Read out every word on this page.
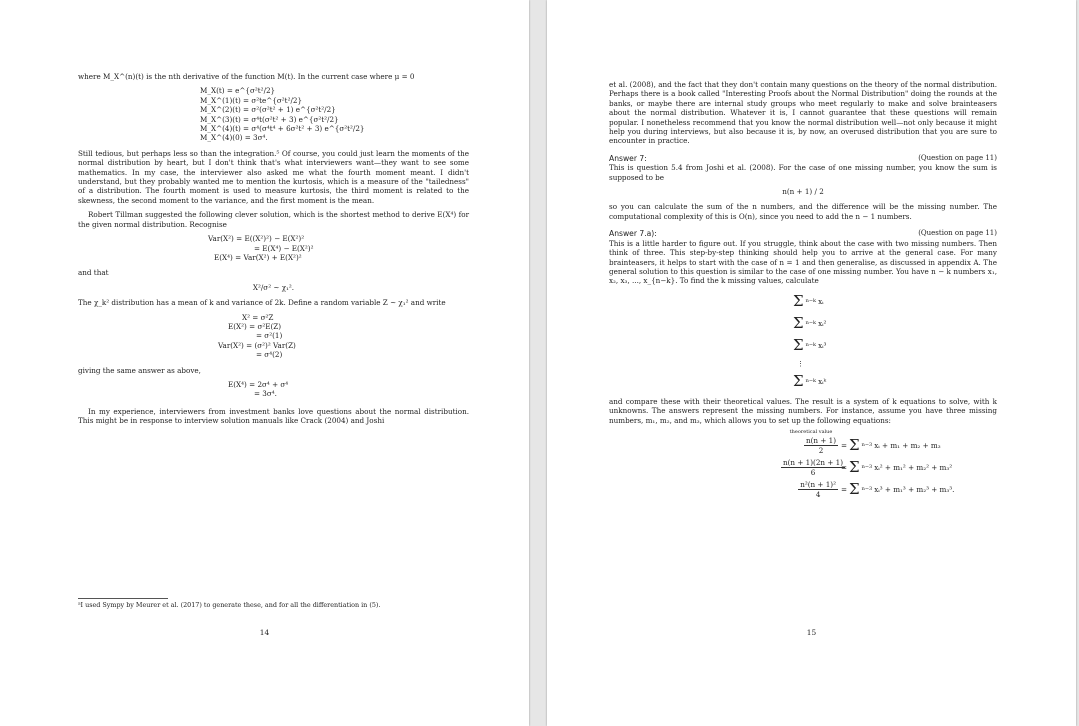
where M_X^(n)(t) is the nth derivative of the function M(t). In the current case where μ = 0

M_X(t) = e^{σ²t²/2}
M_X^(1)(t) = σ²te^{σ²t²/2}
M_X^(2)(t) = σ²(σ²t² + 1) e^{σ²t²/2}
M_X^(3)(t) = σ⁴t(σ²t² + 3) e^{σ²t²/2}
M_X^(4)(t) = σ⁴(σ⁴t⁴ + 6σ²t² + 3) e^{σ²t²/2}
M_X^(4)(0) = 3σ⁴.

Still tedious, but perhaps less so than the integration.⁵ Of course, you could just learn the moments of the normal distribution by heart, but I don't think that's what interviewers want—they want to see some mathematics. In my case, the interviewer also asked me what the fourth moment meant. I didn't understand, but they probably wanted me to mention the kurtosis, which is a measure of the "tailedness" of a distribution. The fourth moment is used to measure kurtosis, the third moment is related to the skewness, the second moment to the variance, and the first moment is the mean.

Robert Tillman suggested the following clever solution, which is the shortest method to derive E(X⁴) for the given normal distribution. Recognise

Var(X²) = E((X²)²) − E(X²)²
= E(X⁴) − E(X²)²
E(X⁴) = Var(X²) + E(X²)²

and that

X²/σ² ~ χ₁².

The χ_k² distribution has a mean of k and variance of 2k. Define a random variable Z ~ χ₁² and write

X² = σ²Z
E(X²) = σ²E(Z)
= σ²(1)
Var(X²) = (σ²)² Var(Z)
= σ⁴(2)

giving the same answer as above,

E(X⁴) = 2σ⁴ + σ⁴
= 3σ⁴.

In my experience, interviewers from investment banks love questions about the normal distribution. This might be in response to interview solution manuals like Crack (2004) and Joshi

⁵I used Sympy by Meurer et al. (2017) to generate these, and for all the differentiation in (5).
14

et al. (2008), and the fact that they don't contain many questions on the theory of the normal distribution. Perhaps there is a book called "Interesting Proofs about the Normal Distribution" doing the rounds at the banks, or maybe there are internal study groups who meet regularly to make and solve brainteasers about the normal distribution. Whatever it is, I cannot guarantee that these questions will remain popular. I nonetheless recommend that you know the normal distribution well—not only because it might help you during interviews, but also because it is, by now, an overused distribution that you are sure to encounter in practice.

Answer 7:	(Question on page 11)

This is question 5.4 from Joshi et al. (2008). For the case of one missing number, you know the sum is supposed to be

n(n + 1) / 2

so you can calculate the sum of the n numbers, and the difference will be the missing number. The computational complexity of this is O(n), since you need to add the n − 1 numbers.

Answer 7.a):	(Question on page 11)

This is a little harder to figure out. If you struggle, think about the case with two missing numbers. Then think of three. This step-by-step thinking should help you to arrive at the general case. For many brainteasers, it helps to start with the case of n = 1 and then generalise, as discussed in appendix A. The general solution to this question is similar to the case of one missing number. You have n − k numbers x₁, x₂, x₃, ..., x_{n−k}. To find the k missing values, calculate

Σ n−k xᵢ
Σ n−k xᵢ²
Σ n−k xᵢ³
⋮
Σ n−k xᵢᵏ

and compare these with their theoretical values. The result is a system of k equations to solve, with k unknowns. The answers represent the missing numbers. For instance, assume you have three missing numbers, m₁, m₂, and m₃, which allows you to set up the following equations:

theoretical value
$\frac{n(n + 1)}{2} = \Sigma$ n−3 xᵢ + m₁ + m₂ + m₃
$\frac{n(n + 1)(2n + 1)}{6}$
= Σ n−3 xᵢ² + m₁² + m₂² + m₃²
$\frac{\text{n²(n + 1)²}}{4} = \Sigma$ n−3 xᵢ³ + m₁³ + m₂³ + m₃³.
15
